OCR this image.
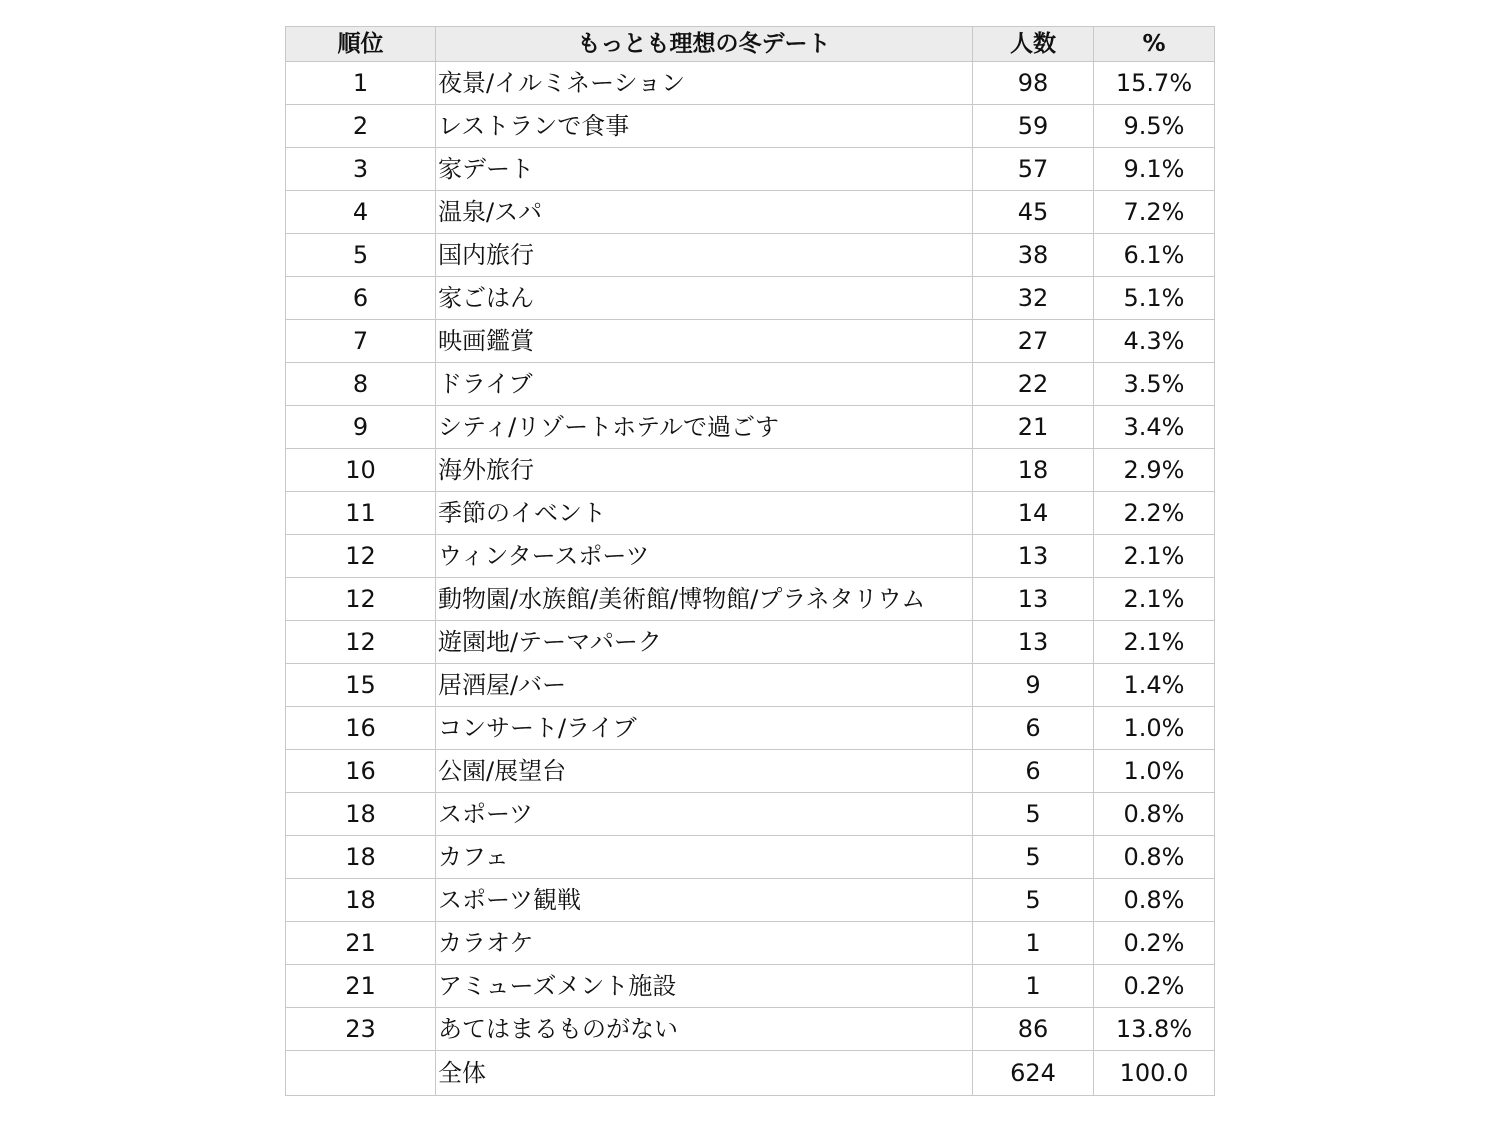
順位	もっとも理想の冬デート	人数	%
1	夜景/イルミネーション	98	15.7%
2	レストランで食事	59	9.5%
3	家デート	57	9.1%
4	温泉/スパ	45	7.2%
5	国内旅行	38	6.1%
6	家ごはん	32	5.1%
7	映画鑑賞	27	4.3%
8	ドライブ	22	3.5%
9	シティ/リゾートホテルで過ごす	21	3.4%
10	海外旅行	18	2.9%
11	季節のイベント	14	2.2%
12	ウィンタースポーツ	13	2.1%
12	動物園/水族館/美術館/博物館/プラネタリウム	13	2.1%
12	遊園地/テーマパーク	13	2.1%
15	居酒屋/バー	9	1.4%
16	コンサート/ライブ	6	1.0%
16	公園/展望台	6	1.0%
18	スポーツ	5	0.8%
18	カフェ	5	0.8%
18	スポーツ観戦	5	0.8%
21	カラオケ	1	0.2%
21	アミューズメント施設	1	0.2%
23	あてはまるものがない	86	13.8%
	全体	624	100.0
